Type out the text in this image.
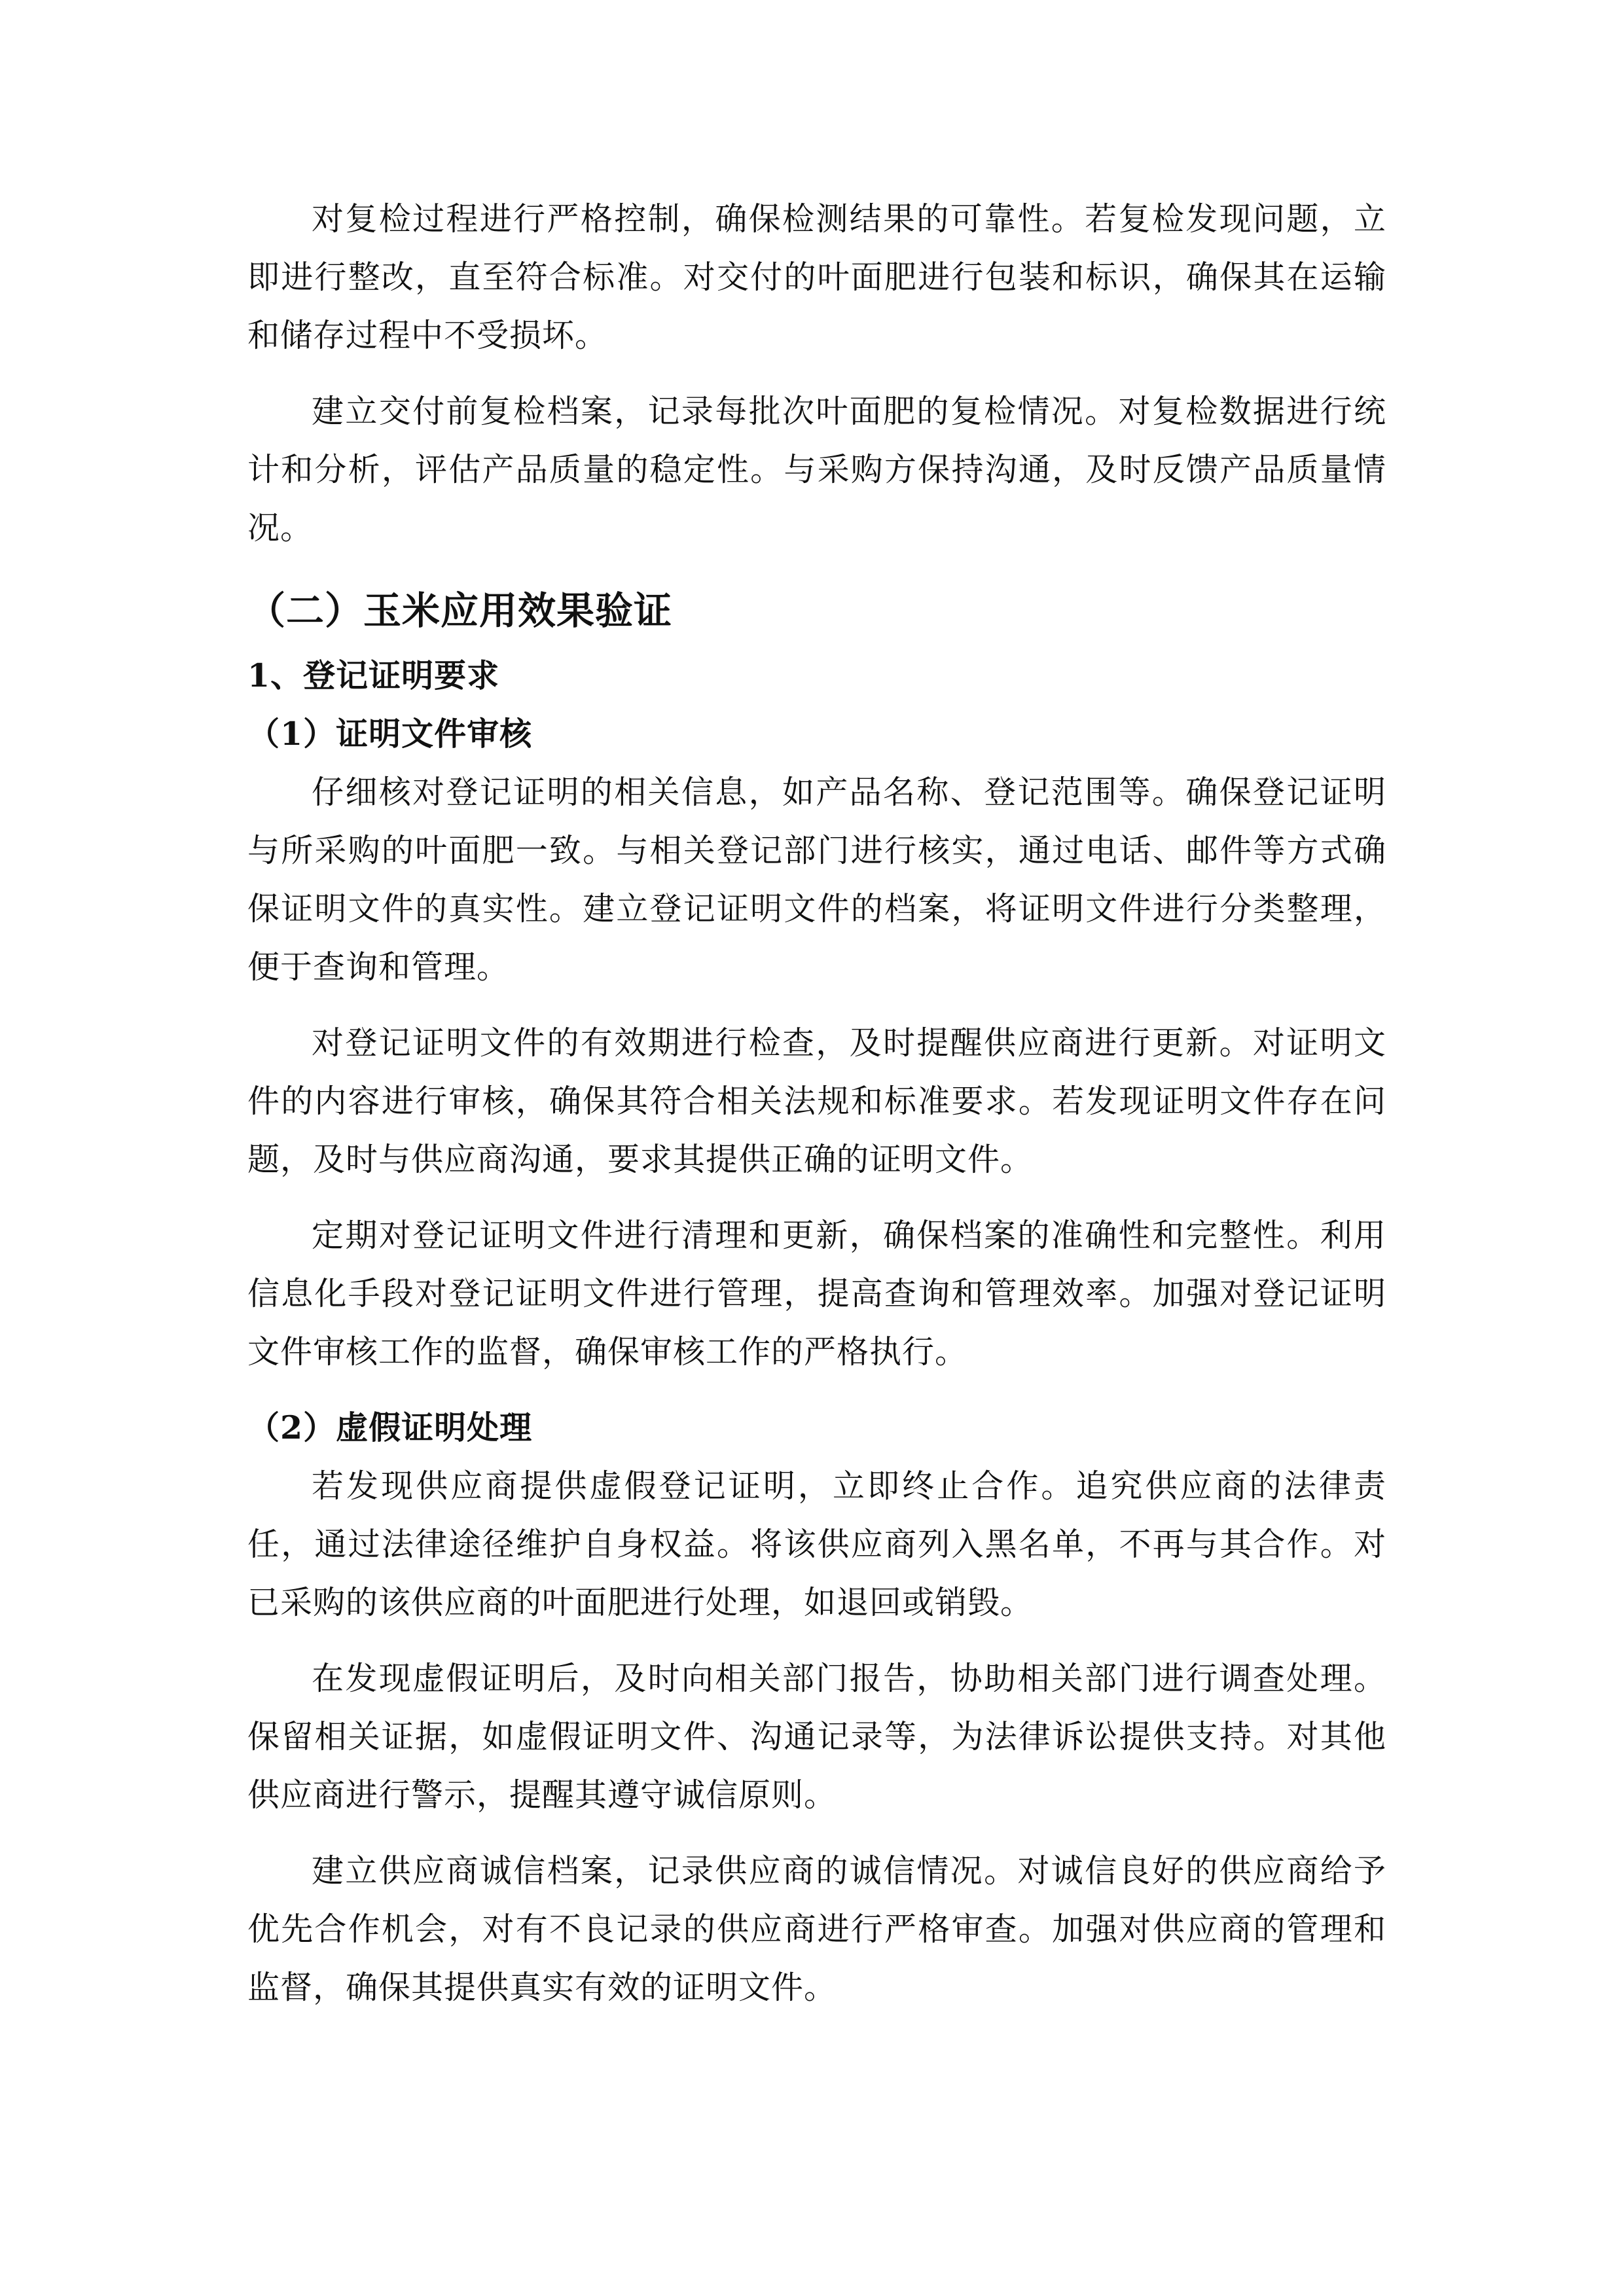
对复检过程进行严格控制，确保检测结果的可靠性。若复检发现问题，立即进行整改，直至符合标准。对交付的叶面肥进行包装和标识，确保其在运输和储存过程中不受损坏。

建立交付前复检档案，记录每批次叶面肥的复检情况。对复检数据进行统计和分析，评估产品质量的稳定性。与采购方保持沟通，及时反馈产品质量情况。

（二）玉米应用效果验证
1、登记证明要求
（1）证明文件审核

仔细核对登记证明的相关信息，如产品名称、登记范围等。确保登记证明与所采购的叶面肥一致。与相关登记部门进行核实，通过电话、邮件等方式确保证明文件的真实性。建立登记证明文件的档案，将证明文件进行分类整理，便于查询和管理。

对登记证明文件的有效期进行检查，及时提醒供应商进行更新。对证明文件的内容进行审核，确保其符合相关法规和标准要求。若发现证明文件存在问题，及时与供应商沟通，要求其提供正确的证明文件。

定期对登记证明文件进行清理和更新，确保档案的准确性和完整性。利用信息化手段对登记证明文件进行管理，提高查询和管理效率。加强对登记证明文件审核工作的监督，确保审核工作的严格执行。

（2）虚假证明处理

若发现供应商提供虚假登记证明，立即终止合作。追究供应商的法律责任，通过法律途径维护自身权益。将该供应商列入黑名单，不再与其合作。对已采购的该供应商的叶面肥进行处理，如退回或销毁。

在发现虚假证明后，及时向相关部门报告，协助相关部门进行调查处理。保留相关证据，如虚假证明文件、沟通记录等，为法律诉讼提供支持。对其他供应商进行警示，提醒其遵守诚信原则。

建立供应商诚信档案，记录供应商的诚信情况。对诚信良好的供应商给予优先合作机会，对有不良记录的供应商进行严格审查。加强对供应商的管理和监督，确保其提供真实有效的证明文件。
